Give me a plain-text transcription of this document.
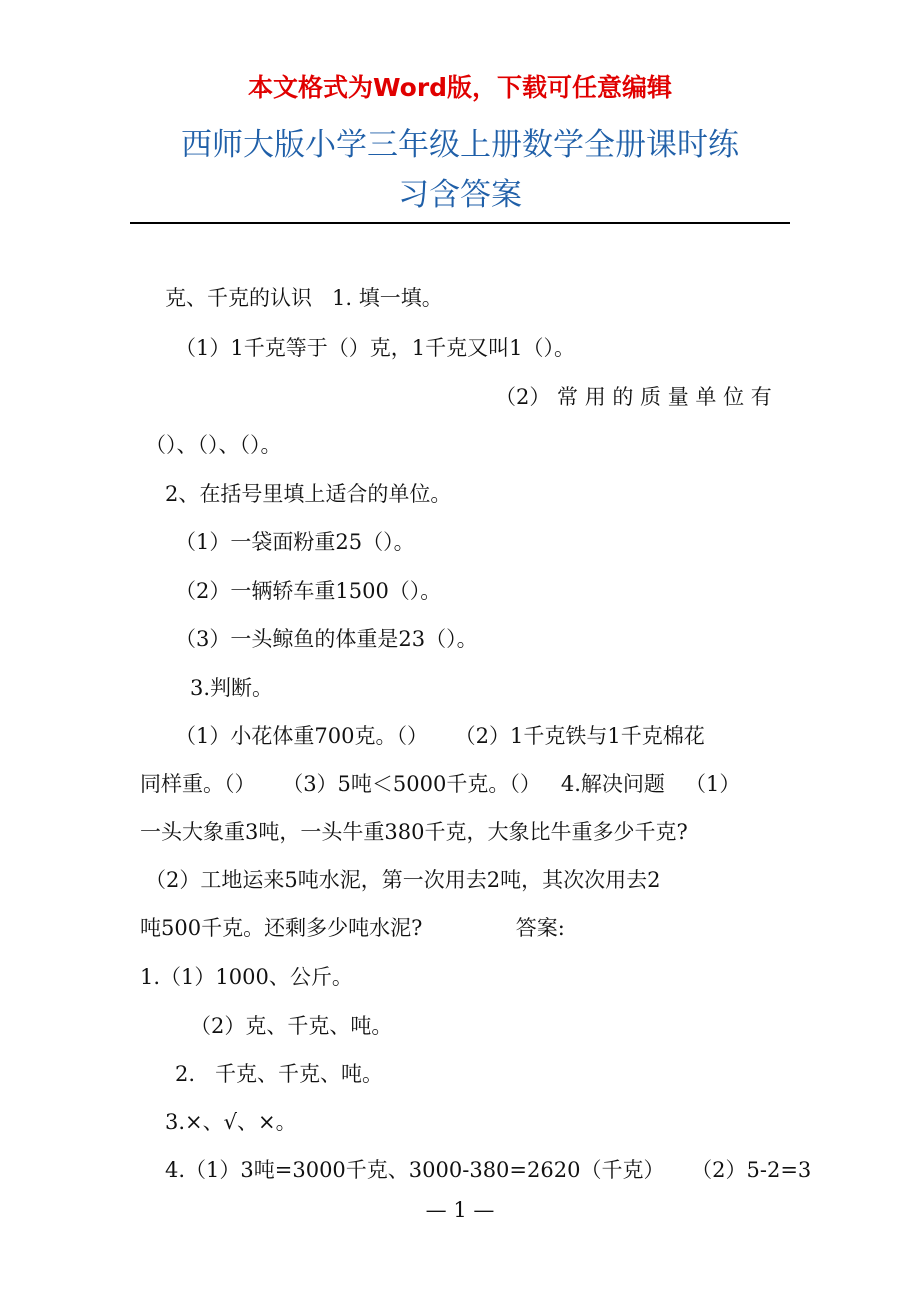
本文格式为Word版，下载可任意编辑
西师大版小学三年级上册数学全册课时练
习含答案
克、千克的认识   1. 填一填。
（1）1千克等于（）克，1千克又叫1（）。
（2） 常 用 的 质 量 单 位 有
（）、（）、（）。
2、在括号里填上适合的单位。
（1）一袋面粉重25（）。
（2）一辆轿车重1500（）。
（3）一头鲸鱼的体重是23（）。
3.判断。
（1）小花体重700克。（）    （2）1千克铁与1千克棉花
同样重。（）    （3）5吨＜5000千克。（）   4.解决问题   （1）
一头大象重3吨，一头牛重380千克，大象比牛重多少千克?
（2）工地运来5吨水泥，第一次用去2吨，其次次用去2
吨500千克。还剩多少吨水泥?              答案:
1.（1）1000、公斤。
（2）克、千克、吨。
2.   千克、千克、吨。
3.×、√、×。
4.（1）3吨=3000千克、3000-380=2620（千克）    （2）5-2=3
— 1 —
